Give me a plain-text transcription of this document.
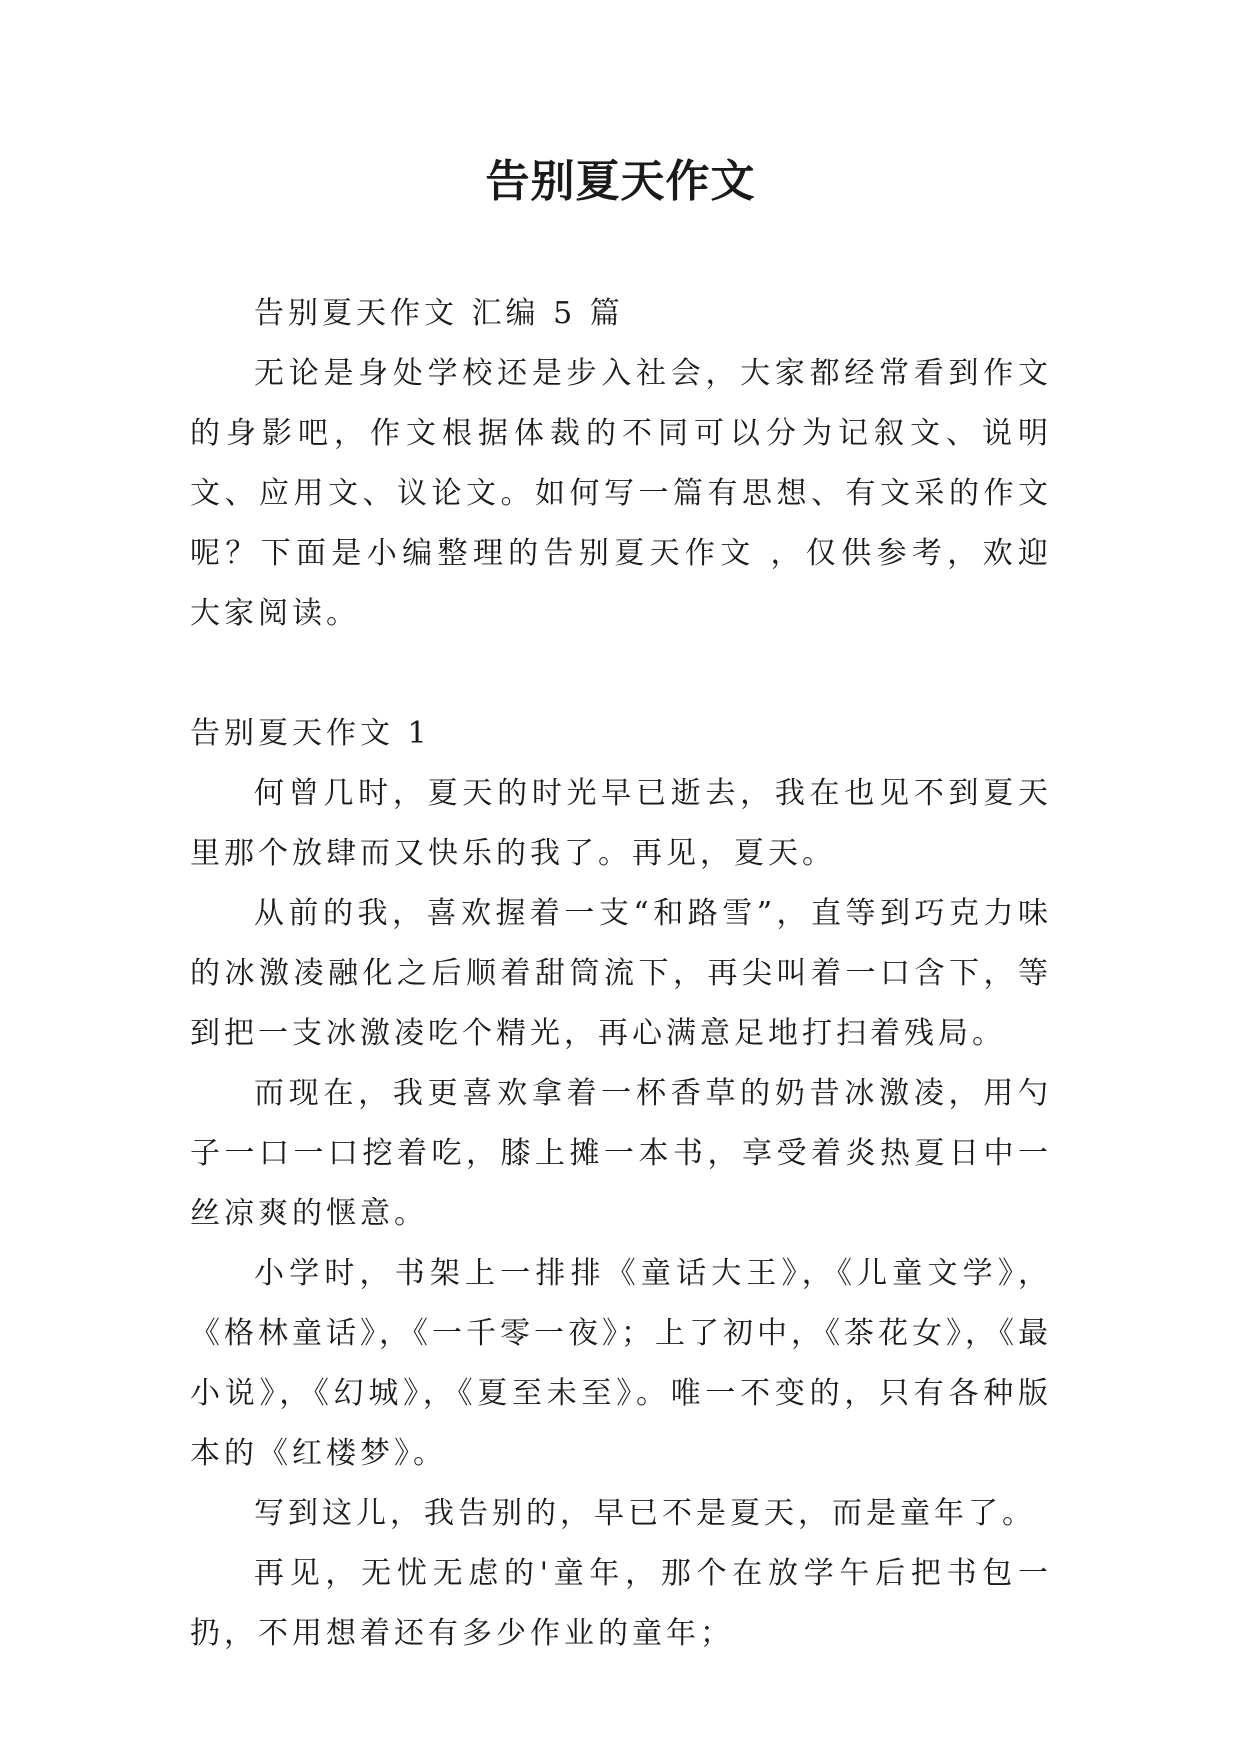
告别夏天作文

告别夏天作文 汇编 5 篇

无论是身处学校还是步入社会，大家都经常看到作文的身影吧，作文根据体裁的不同可以分为记叙文、说明文、应用文、议论文。如何写一篇有思想、有文采的作文呢？下面是小编整理的告别夏天作文 ，仅供参考，欢迎大家阅读。

告别夏天作文 1

何曾几时，夏天的时光早已逝去，我在也见不到夏天里那个放肆而又快乐的我了。再见，夏天。

从前的我，喜欢握着一支“和路雪”，直等到巧克力味的冰激凌融化之后顺着甜筒流下，再尖叫着一口含下，等到把一支冰激凌吃个精光，再心满意足地打扫着残局。

而现在，我更喜欢拿着一杯香草的奶昔冰激凌，用勺子一口一口挖着吃，膝上摊一本书，享受着炎热夏日中一丝凉爽的惬意。

小学时，书架上一排排《童话大王》，《儿童文学》，《格林童话》，《一千零一夜》；上了初中，《茶花女》，《最小说》，《幻城》，《夏至未至》。唯一不变的，只有各种版本的《红楼梦》。

写到这儿，我告别的，早已不是夏天，而是童年了。

再见，无忧无虑的'童年，那个在放学午后把书包一扔，不用想着还有多少作业的童年；
